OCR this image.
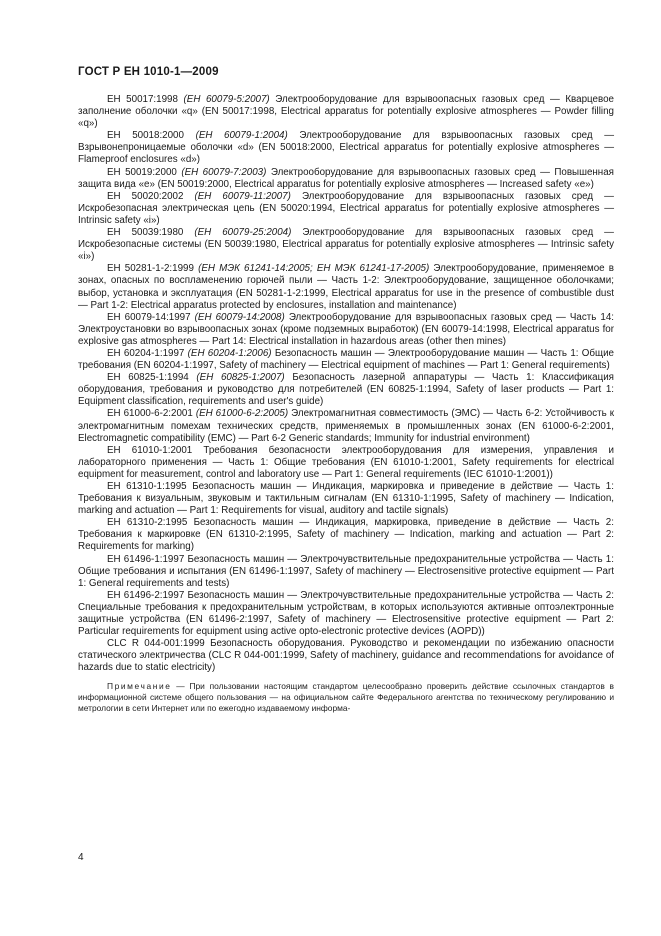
ГОСТ Р ЕН 1010-1—2009

ЕН 50017:1998 (ЕН 60079-5:2007) Электрооборудование для взрывоопасных газовых сред — Кварцевое заполнение оболочки «q» (EN 50017:1998, Electrical apparatus for potentially explosive atmospheres — Powder filling «q»)

ЕН 50018:2000 (ЕН 60079-1:2004) Электрооборудование для взрывоопасных газовых сред — Взрывонепроницаемые оболочки «d» (EN 50018:2000, Electrical apparatus for potentially explosive atmospheres — Flameproof enclosures «d»)

ЕН 50019:2000 (ЕН 60079-7:2003) Электрооборудование для взрывоопасных газовых сред — Повышенная защита вида «е» (EN 50019:2000, Electrical apparatus for potentially explosive atmospheres — Increased safety «е»)

ЕН 50020:2002 (ЕН 60079-11:2007) Электрооборудование для взрывоопасных газовых сред — Искробезопасная электрическая цепь (EN 50020:1994, Electrical apparatus for potentially explosive atmospheres — Intrinsic safety «i»)

ЕН 50039:1980 (ЕН 60079-25:2004) Электрооборудование для взрывоопасных газовых сред — Искробезопасные системы (EN 50039:1980, Electrical apparatus for potentially explosive atmospheres — Intrinsic safety «i»)

ЕН 50281-1-2:1999 (ЕН МЭК 61241-14:2005; ЕН МЭК 61241-17-2005) Электрооборудование, применяемое в зонах, опасных по воспламенению горючей пыли — Часть 1-2: Электрооборудование, защищенное оболочками; выбор, установка и эксплуатация (EN 50281-1-2:1999, Electrical apparatus for use in the presence of combustible dust — Part 1-2: Electrical apparatus protected by enclosures, installation and maintenance)

ЕН 60079-14:1997 (ЕН 60079-14:2008) Электрооборудование для взрывоопасных газовых сред — Часть 14: Электроустановки во взрывоопасных зонах (кроме подземных выработок) (EN 60079-14:1998, Electrical apparatus for explosive gas atmospheres — Part 14: Electrical installation in hazardous areas (other then mines)

ЕН 60204-1:1997 (ЕН 60204-1:2006) Безопасность машин — Электрооборудование машин — Часть 1: Общие требования (EN 60204-1:1997, Safety of machinery — Electrical equipment of machines — Part 1: General requirements)

ЕН 60825-1:1994 (ЕН 60825-1:2007) Безопасность лазерной аппаратуры — Часть 1: Классификация оборудования, требования и руководство для потребителей (EN 60825-1:1994, Safety of laser products — Part 1: Equipment classification, requirements and user's guide)

ЕН 61000-6-2:2001 (ЕН 61000-6-2:2005) Электромагнитная совместимость (ЭМС) — Часть 6-2: Устойчивость к электромагнитным помехам технических средств, применяемых в промышленных зонах (EN 61000-6-2:2001, Electromagnetic compatibility (EMC) — Part 6-2 Generic standards; Immunity for industrial environment)

ЕН 61010-1:2001 Требования безопасности электрооборудования для измерения, управления и лабораторного применения — Часть 1: Общие требования (EN 61010-1:2001, Safety requirements for electrical equipment for measurement, control and laboratory use — Part 1: General requirements (IEC 61010-1:2001))

ЕН 61310-1:1995 Безопасность машин — Индикация, маркировка и приведение в действие — Часть 1: Требования к визуальным, звуковым и тактильным сигналам (EN 61310-1:1995, Safety of machinery — Indication, marking and actuation — Part 1: Requirements for visual, auditory and tactile signals)

ЕН 61310-2:1995 Безопасность машин — Индикация, маркировка, приведение в действие — Часть 2: Требования к маркировке (EN 61310-2:1995, Safety of machinery — Indication, marking and actuation — Part 2: Requirements for marking)

ЕН 61496-1:1997 Безопасность машин — Электрочувствительные предохранительные устройства — Часть 1: Общие требования и испытания (EN 61496-1:1997, Safety of machinery — Electrosensitive protective equipment — Part 1: General requirements and tests)

ЕН 61496-2:1997 Безопасность машин — Электрочувствительные предохранительные устройства — Часть 2: Специальные требования к предохранительным устройствам, в которых используются активные оптоэлектронные защитные устройства (EN 61496-2:1997, Safety of machinery — Electrosensitive protective equipment — Part 2: Particular requirements for equipment using active opto-electronic protective devices (AOPD))

CLC R 044-001:1999 Безопасность оборудования. Руководство и рекомендации по избежанию опасности статического электричества (CLC R 044-001:1999, Safety of machinery, guidance and recommendations for avoidance of hazards due to static electricity)

Примечание — При пользовании настоящим стандартом целесообразно проверить действие ссылочных стандартов в информационной системе общего пользования — на официальном сайте Федерального агентства по техническому регулированию и метрологии в сети Интернет или по ежегодно издаваемому информа-

4
